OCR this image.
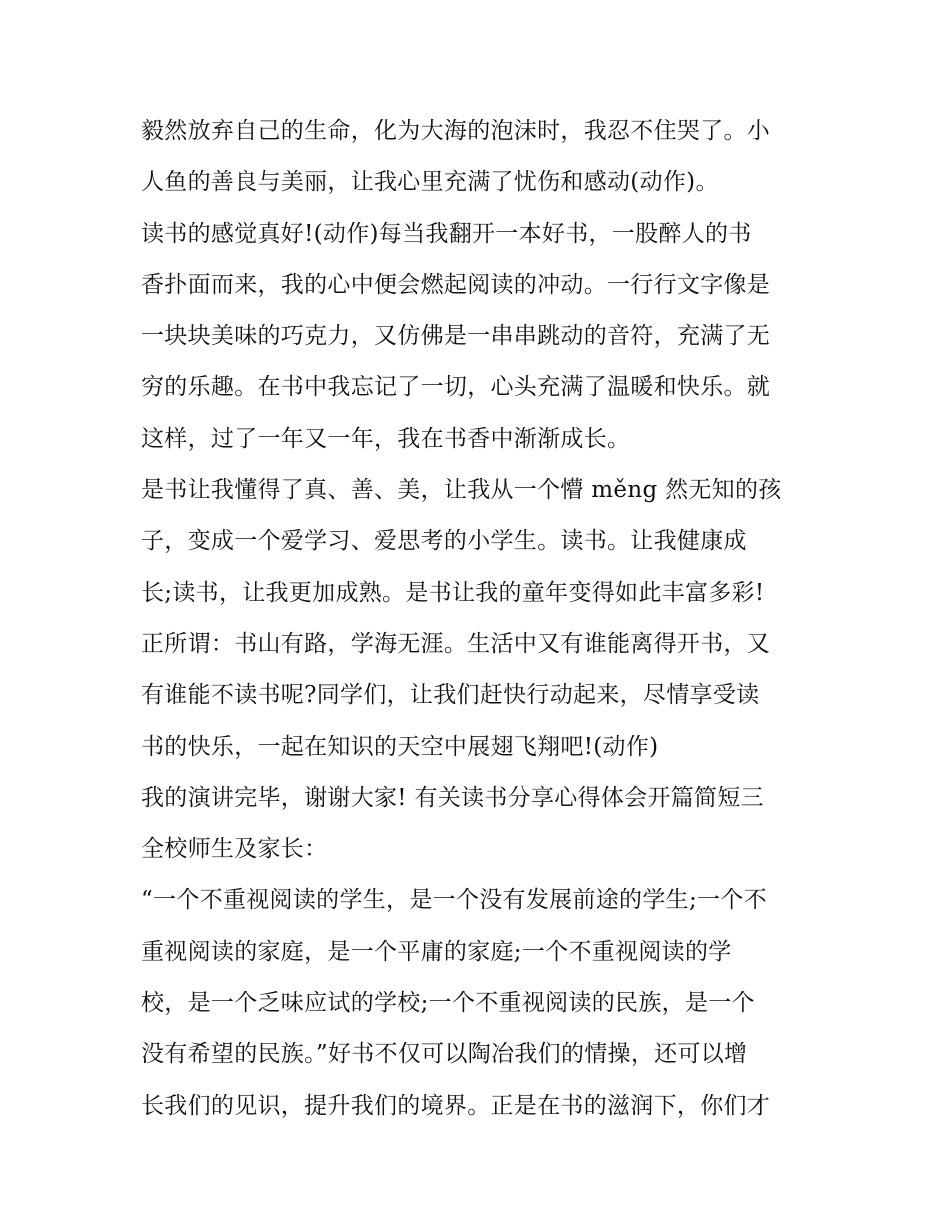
毅然放弃自己的生命，化为大海的泡沫时，我忍不住哭了。小
人鱼的善良与美丽，让我心里充满了忧伤和感动(动作)。
读书的感觉真好!(动作)每当我翻开一本好书，一股醉人的书
香扑面而来，我的心中便会燃起阅读的冲动。一行行文字像是
一块块美味的巧克力，又仿佛是一串串跳动的音符，充满了无
穷的乐趣。在书中我忘记了一切，心头充满了温暖和快乐。就
这样，过了一年又一年，我在书香中渐渐成长。
是书让我懂得了真、善、美，让我从一个懵 měng 然无知的孩
子，变成一个爱学习、爱思考的小学生。读书。让我健康成
长;读书，让我更加成熟。是书让我的童年变得如此丰富多彩!
正所谓：书山有路，学海无涯。生活中又有谁能离得开书，又
有谁能不读书呢?同学们，让我们赶快行动起来，尽情享受读
书的快乐，一起在知识的天空中展翅飞翔吧!(动作)
我的演讲完毕，谢谢大家! 有关读书分享心得体会开篇简短三
全校师生及家长：
“一个不重视阅读的学生，是一个没有发展前途的学生;一个不
重视阅读的家庭，是一个平庸的家庭;一个不重视阅读的学
校，是一个乏味应试的学校;一个不重视阅读的民族，是一个
没有希望的民族。”好书不仅可以陶冶我们的情操，还可以增
长我们的见识，提升我们的境界。正是在书的滋润下，你们才
